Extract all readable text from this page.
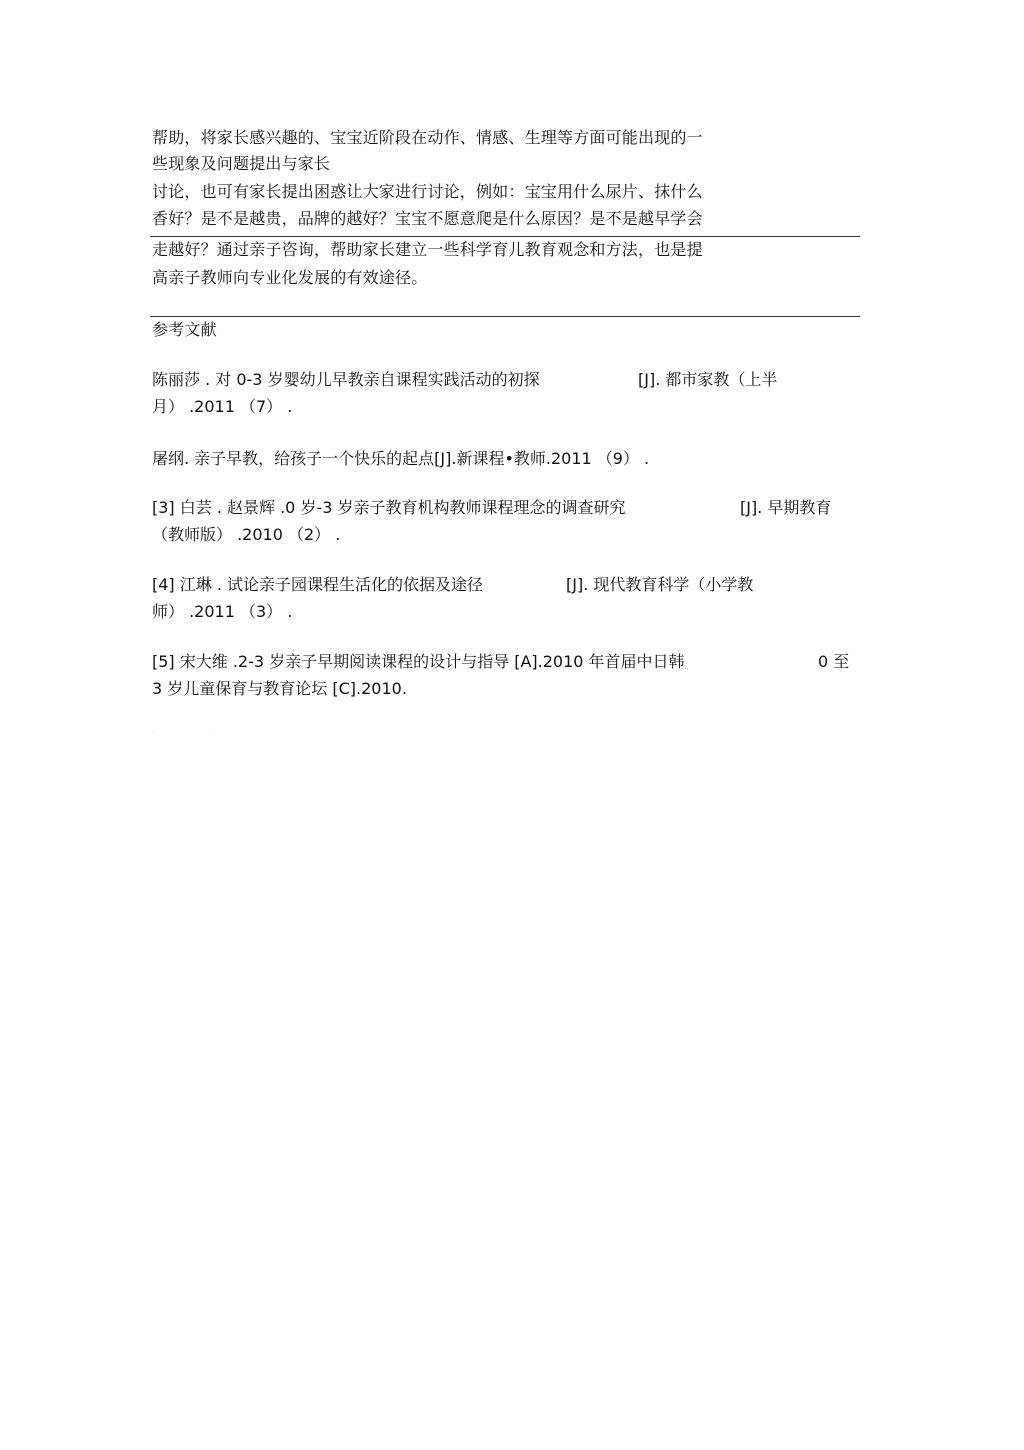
帮助，将家长感兴趣的、宝宝近阶段在动作、情感、生理等方面可能出现的一
些现象及问题提出与家长
讨论，也可有家长提出困惑让大家进行讨论，例如：宝宝用什么尿片、抹什么
香好？是不是越贵，品牌的越好？宝宝不愿意爬是什么原因？是不是越早学会
走越好？通过亲子咨询，帮助家长建立一些科学育儿教育观念和方法，也是提
高亲子教师向专业化发展的有效途径。
参考文献
陈丽莎 . 对 0-3 岁婴幼儿早教亲自课程实践活动的初探	[J]. 都市家教（上半
月） .2011 （7） .
屠纲. 亲子早教，给孩子一个快乐的起点[J].新课程•教师.2011 （9） .
[3] 白芸 . 赵景辉 .0 岁-3 岁亲子教育机构教师课程理念的调查研究	[J]. 早期教育
（教师版） .2010 （2） .
[4] 江琳 . 试论亲子园课程生活化的依据及途径	[J]. 现代教育科学（小学教
师） .2011 （3） .
[5] 宋大维 .2-3 岁亲子早期阅读课程的设计与指导 [A].2010 年首届中日韩	0 至
3 岁儿童保育与教育论坛 [C].2010.
·	·
